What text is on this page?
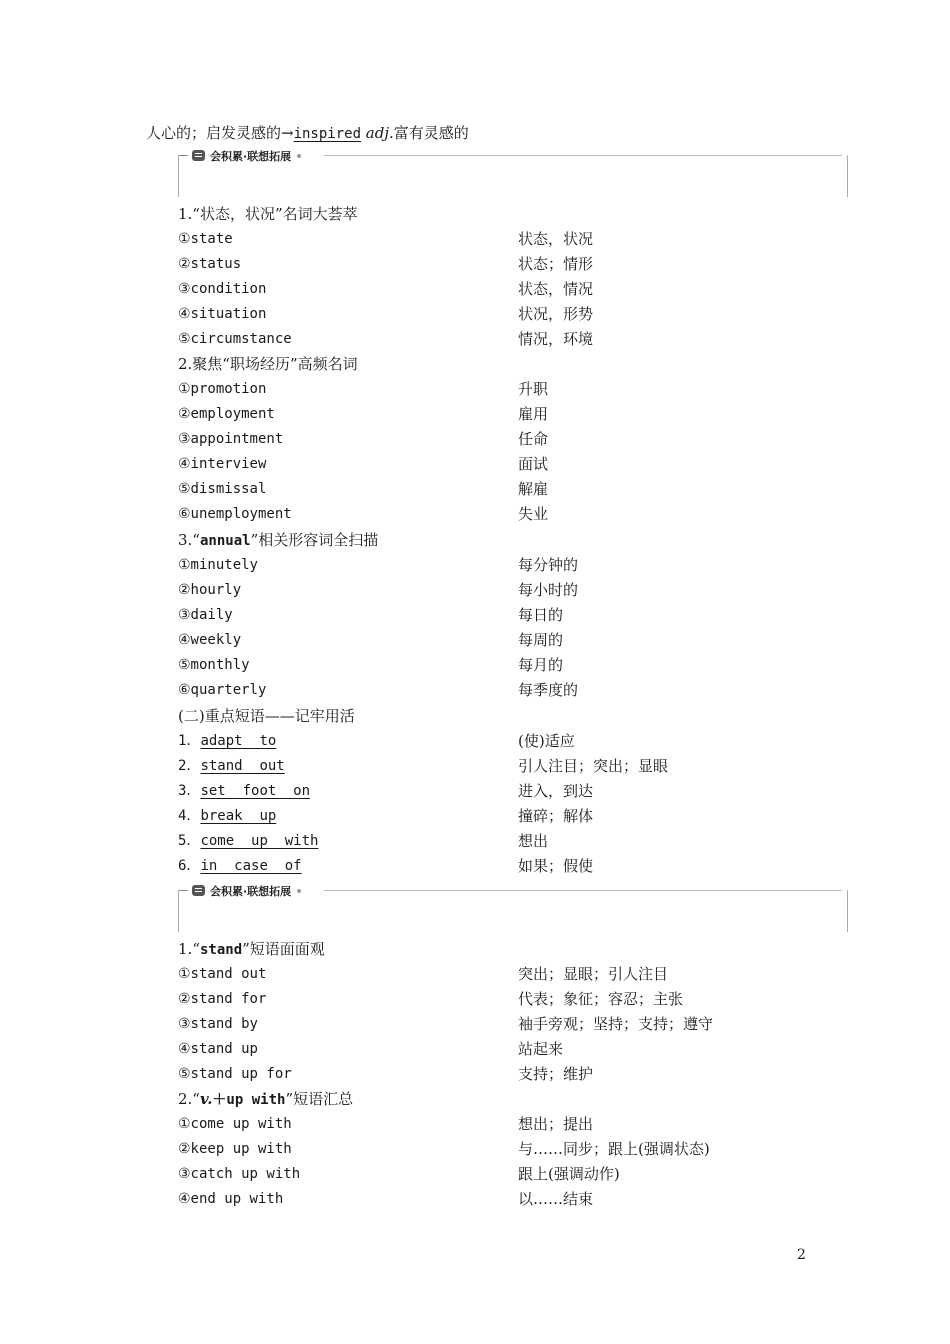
人心的；启发灵感的→inspired adj.富有灵感的
会积累·联想拓展
1.“状态，状况”名词大荟萃
①state	状态，状况
②status	状态；情形
③condition	状态，情况
④situation	状况，形势
⑤circumstance	情况，环境
2.聚焦“职场经历”高频名词
①promotion	升职
②employment	雇用
③appointment	任命
④interview	面试
⑤dismissal	解雇
⑥unemployment	失业
3.“annual”相关形容词全扫描
①minutely	每分钟的
②hourly	每小时的
③daily	每日的
④weekly	每周的
⑤monthly	每月的
⑥quarterly	每季度的
(二)重点短语——记牢用活
1．adapt  to	(使)适应
2．stand  out	引人注目；突出；显眼
3．set  foot  on	进入，到达
4．break  up	撞碎；解体
5．come  up  with	想出
6．in  case  of	如果；假使
会积累·联想拓展
1.“stand”短语面面观
①stand out	突出；显眼；引人注目
②stand for	代表；象征；容忍；主张
③stand by	袖手旁观；坚持；支持；遵守
④stand up	站起来
⑤stand up for	支持；维护
2.“v.＋up with”短语汇总
①come up with	想出；提出
②keep up with	与……同步；跟上(强调状态)
③catch up with	跟上(强调动作)
④end up with	以……结束
2
